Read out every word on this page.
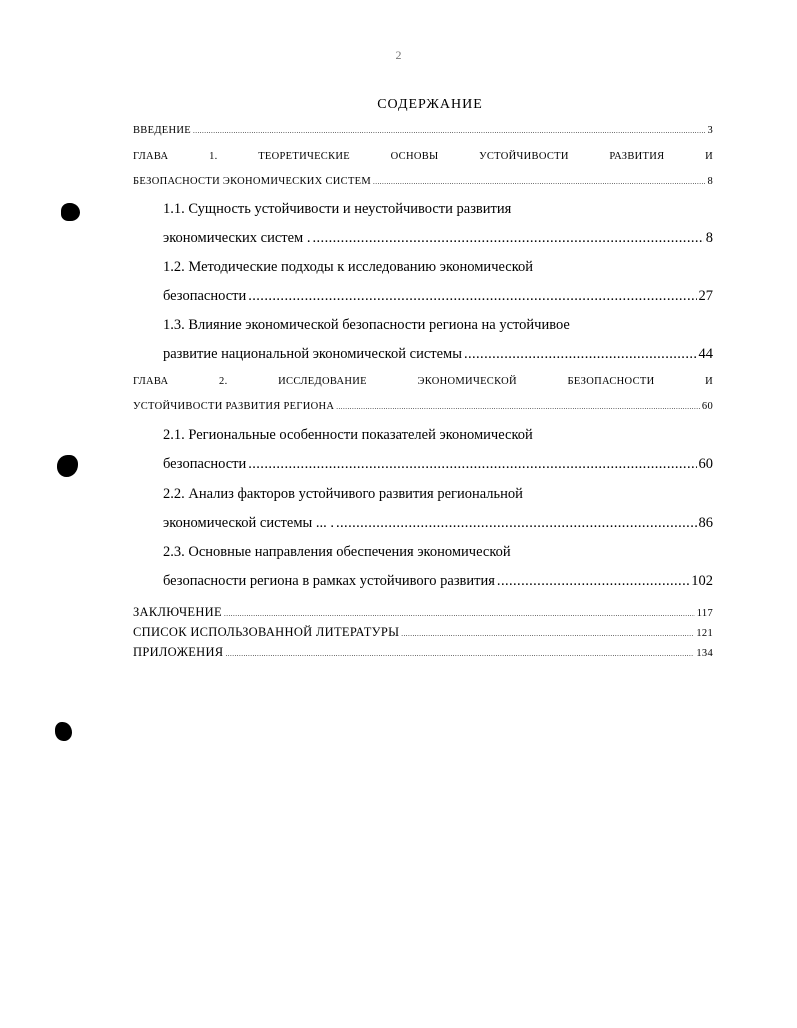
2
СОДЕРЖАНИЕ
ВВЕДЕНИЕ .....	3
ГЛАВА	1.	ТЕОРЕТИЧЕСКИЕ	ОСНОВЫ	УСТОЙЧИВОСТИ	РАЗВИТИЯ	И
БЕЗОПАСНОСТИ ЭКОНОМИЧЕСКИХ СИСТЕМ .....	8
1.1. Сущность устойчивости и неустойчивости развития
экономических систем . .....	8
1.2. Методические подходы к исследованию экономической
безопасности .....	27
1.3. Влияние экономической безопасности региона на устойчивое
развитие национальной экономической системы .....	44
ГЛАВА	2.	ИССЛЕДОВАНИЕ	ЭКОНОМИЧЕСКОЙ	БЕЗОПАСНОСТИ	И
УСТОЙЧИВОСТИ РАЗВИТИЯ РЕГИОНА .....	60
2.1. Региональные особенности показателей экономической
безопасности .....	60
2.2. Анализ факторов устойчивого развития региональной
экономической системы ... . .....	86
2.3. Основные направления обеспечения экономической
безопасности региона в рамках устойчивого развития .....	102
ЗАКЛЮЧЕНИЕ .....	117
СПИСОК ИСПОЛЬЗОВАННОЙ ЛИТЕРАТУРЫ .....	121
ПРИЛОЖЕНИЯ .....	134
